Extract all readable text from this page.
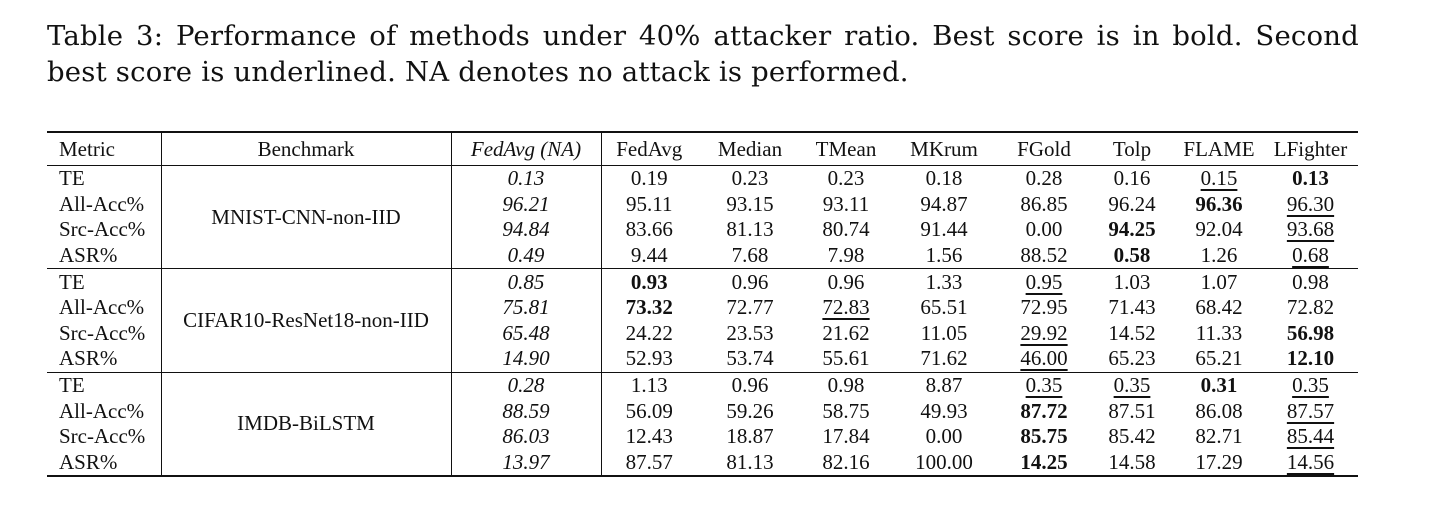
Table 3: Performance of methods under 40% attacker ratio. Best score is in bold. Second best score is underlined. NA denotes no attack is performed.
Metric	Benchmark	FedAvg (NA)	FedAvg	Median	TMean	MKrum	FGold	Tolp	FLAME	LFighter
TE	MNIST-CNN-non-IID	0.13	0.19	0.23	0.23	0.18	0.28	0.16	0.15	0.13
All-Acc%		96.21	95.11	93.15	93.11	94.87	86.85	96.24	96.36	96.30
Src-Acc%		94.84	83.66	81.13	80.74	91.44	0.00	94.25	92.04	93.68
ASR%		0.49	9.44	7.68	7.98	1.56	88.52	0.58	1.26	0.68
TE	CIFAR10-ResNet18-non-IID	0.85	0.93	0.96	0.96	1.33	0.95	1.03	1.07	0.98
All-Acc%		75.81	73.32	72.77	72.83	65.51	72.95	71.43	68.42	72.82
Src-Acc%		65.48	24.22	23.53	21.62	11.05	29.92	14.52	11.33	56.98
ASR%		14.90	52.93	53.74	55.61	71.62	46.00	65.23	65.21	12.10
TE	IMDB-BiLSTM	0.28	1.13	0.96	0.98	8.87	0.35	0.35	0.31	0.35
All-Acc%		88.59	56.09	59.26	58.75	49.93	87.72	87.51	86.08	87.57
Src-Acc%		86.03	12.43	18.87	17.84	0.00	85.75	85.42	82.71	85.44
ASR%		13.97	87.57	81.13	82.16	100.00	14.25	14.58	17.29	14.56
